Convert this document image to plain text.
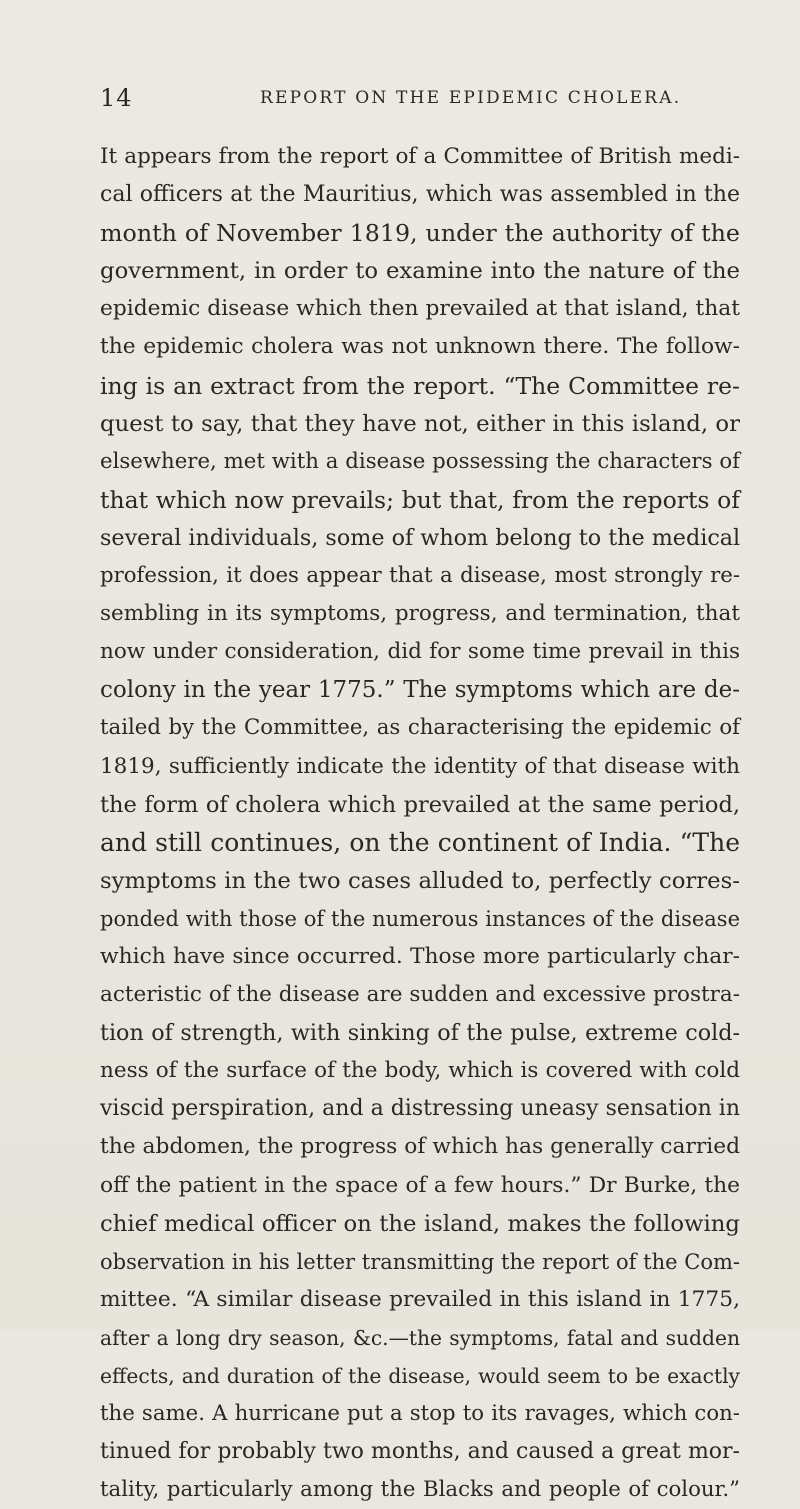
14	REPORT ON THE EPIDEMIC CHOLERA.
It appears from the report of a Committee of British medi-
cal officers at the Mauritius, which was assembled in the
month of November 1819, under the authority of the
government, in order to examine into the nature of the
epidemic disease which then prevailed at that island, that
the epidemic cholera was not unknown there. The follow-
ing is an extract from the report. “The Committee re-
quest to say, that they have not, either in this island, or
elsewhere, met with a disease possessing the characters of
that which now prevails; but that, from the reports of
several individuals, some of whom belong to the medical
profession, it does appear that a disease, most strongly re-
sembling in its symptoms, progress, and termination, that
now under consideration, did for some time prevail in this
colony in the year 1775.” The symptoms which are de-
tailed by the Committee, as characterising the epidemic of
1819, sufficiently indicate the identity of that disease with
the form of cholera which prevailed at the same period,
and still continues, on the continent of India. “The
symptoms in the two cases alluded to, perfectly corres-
ponded with those of the numerous instances of the disease
which have since occurred. Those more particularly char-
acteristic of the disease are sudden and excessive prostra-
tion of strength, with sinking of the pulse, extreme cold-
ness of the surface of the body, which is covered with cold
viscid perspiration, and a distressing uneasy sensation in
the abdomen, the progress of which has generally carried
off the patient in the space of a few hours.” Dr Burke, the
chief medical officer on the island, makes the following
observation in his letter transmitting the report of the Com-
mittee. “A similar disease prevailed in this island in 1775,
after a long dry season, &c.—the symptoms, fatal and sudden
effects, and duration of the disease, would seem to be exactly
the same. A hurricane put a stop to its ravages, which con-
tinued for probably two months, and caused a great mor-
tality, particularly among the Blacks and people of colour.”
